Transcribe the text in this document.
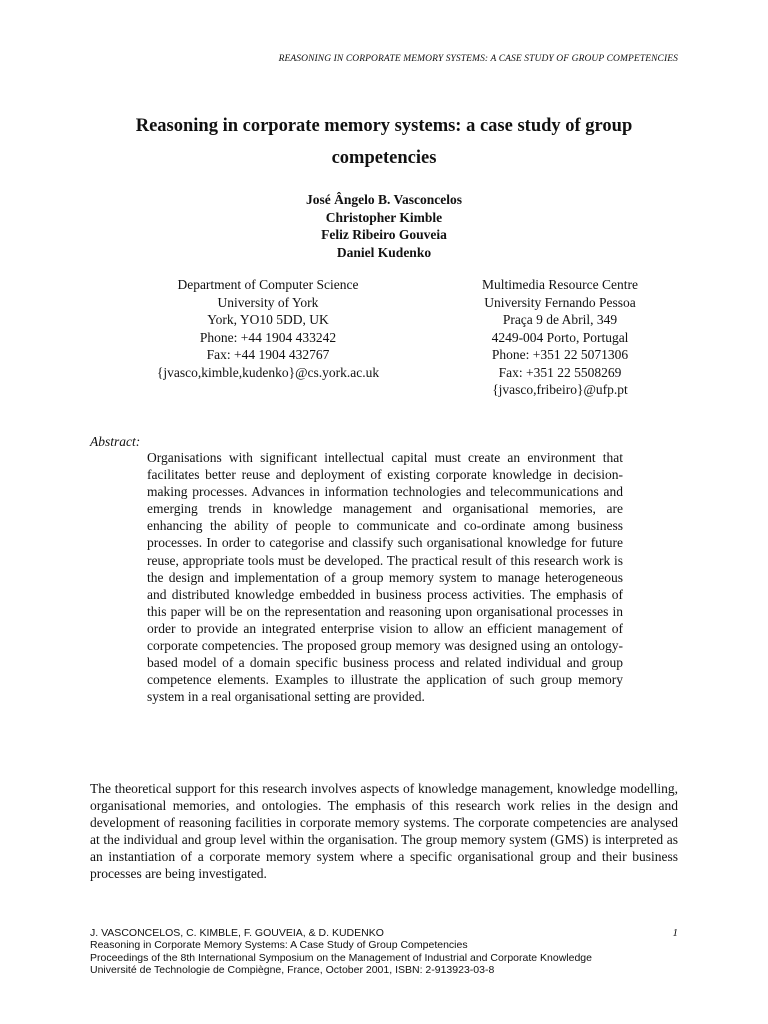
REASONING IN CORPORATE MEMORY SYSTEMS: A CASE STUDY OF GROUP COMPETENCIES
Reasoning in corporate memory systems: a case study of group
competencies
José Ângelo B. Vasconcelos
Christopher Kimble
Feliz Ribeiro Gouveia
Daniel Kudenko
Department of Computer Science
University of York
York, YO10 5DD, UK
Phone: +44 1904 433242
Fax: +44 1904 432767
{jvasco,kimble,kudenko}@cs.york.ac.uk
Multimedia Resource Centre
University Fernando Pessoa
Praça 9 de Abril, 349
4249-004 Porto, Portugal
Phone: +351 22 5071306
Fax: +351 22 5508269
{jvasco,fribeiro}@ufp.pt
Abstract:

Organisations with significant intellectual capital must create an environment that facilitates better reuse and deployment of existing corporate knowledge in decision-making processes. Advances in information technologies and telecommunications and emerging trends in knowledge management and organisational memories, are enhancing the ability of people to communicate and co-ordinate among business processes. In order to categorise and classify such organisational knowledge for future reuse, appropriate tools must be developed. The practical result of this research work is the design and implementation of a group memory system to manage heterogeneous and distributed knowledge embedded in business process activities. The emphasis of this paper will be on the representation and reasoning upon organisational processes in order to provide an integrated enterprise vision to allow an efficient management of corporate competencies. The proposed group memory was designed using an ontology-based model of a domain specific business process and related individual and group competence elements. Examples to illustrate the application of such group memory system in a real organisational setting are provided.

The theoretical support for this research involves aspects of knowledge management, knowledge modelling, organisational memories, and ontologies. The emphasis of this research work relies in the design and development of reasoning facilities in corporate memory systems. The corporate competencies are analysed at the individual and group level within the organisation. The group memory system (GMS) is interpreted as an instantiation of a corporate memory system where a specific organisational group and their business processes are being investigated.

J. VASCONCELOS, C. KIMBLE, F. GOUVEIA, & D. KUDENKO
Reasoning in Corporate Memory Systems: A Case Study of Group Competencies
Proceedings of the 8th International Symposium on the Management of Industrial and Corporate Knowledge
Université de Technologie de Compiègne, France, October 2001, ISBN: 2-913923-03-8
1
